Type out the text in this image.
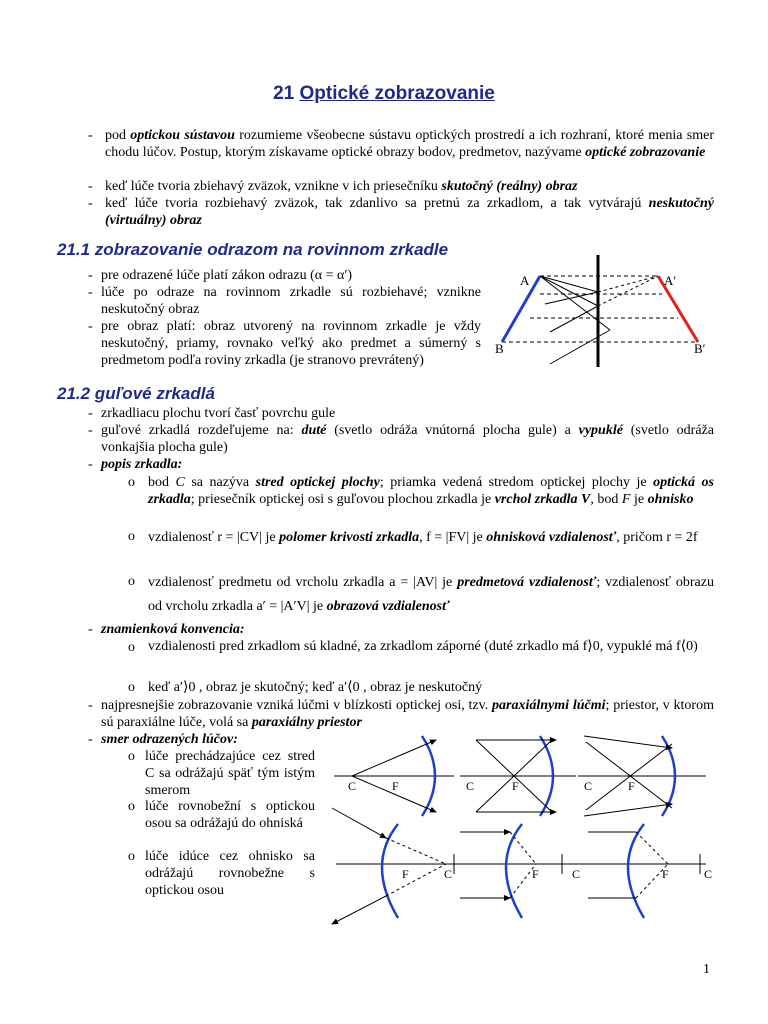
21 Optické zobrazovanie
- pod optickou sústavou rozumieme všeobecne sústavu optických prostredí a ich rozhraní, ktoré menia smer chodu lúčov. Postup, ktorým získavame optické obrazy bodov, predmetov, nazývame optické zobrazovanie
- keď lúče tvoria zbiehavý zväzok, vznikne v ich priesečníku skutočný (reálny) obraz
- keď lúče tvoria rozbiehavý zväzok, tak zdanlivo sa pretnú za zrkadlom, a tak vytvárajú neskutočný (virtuálny) obraz
21.1 zobrazovanie odrazom na rovinnom zrkadle
- pre odrazené lúče platí zákon odrazu (α = α′)
- lúče po odraze na rovinnom zrkadle sú rozbiehavé; vznikne neskutočný obraz
- pre obraz platí: obraz utvorený na rovinnom zrkadle je vždy neskutočný, priamy, rovnako veľký ako predmet a súmerný s predmetom podľa roviny zrkadla (je stranovo prevrátený)
A	A′
B	B′
21.2 guľové zrkadlá
- zrkadliacu plochu tvorí časť povrchu gule
- guľové zrkadlá rozdeľujeme na: duté (svetlo odráža vnútorná plocha gule) a vypuklé (svetlo odráža vonkajšia plocha gule)
- popis zrkadla:
o bod C sa nazýva stred optickej plochy; priamka vedená stredom optickej plochy je optická os zrkadla; priesečník optickej osi s guľovou plochou zrkadla je vrchol zrkadla V, bod F je ohnisko
o vzdialenosť r = |CV| je polomer krivosti zrkadla, f = |FV| je ohnisková vzdialenosť, pričom r = 2f
o vzdialenosť predmetu od vrcholu zrkadla a = |AV| je predmetová vzdialenosť; vzdialenosť obrazu od vrcholu zrkadla a′ = |A′V| je obrazová vzdialenosť
- znamienková konvencia:
o vzdialenosti pred zrkadlom sú kladné, za zrkadlom záporné (duté zrkadlo má f⟩0, vypuklé má f⟨0)
o keď a′⟩0 , obraz je skutočný; keď a′⟨0 , obraz je neskutočný
- najpresnejšie zobrazovanie vzniká lúčmi v blízkosti optickej osi, tzv. paraxiálnymi lúčmi; priestor, v ktorom sú paraxiálne lúče, volá sa paraxiálny priestor
- smer odrazených lúčov:
o lúče prechádzajúce cez stred C sa odrážajú späť tým istým smerom
o lúče rovnobežní s optickou osou sa odrážajú do ohniská
o lúče idúce cez ohnisko sa odrážajú rovnobežne s optickou osou
C	F	C	F	C	F
F	C	F	C	F	C
1
